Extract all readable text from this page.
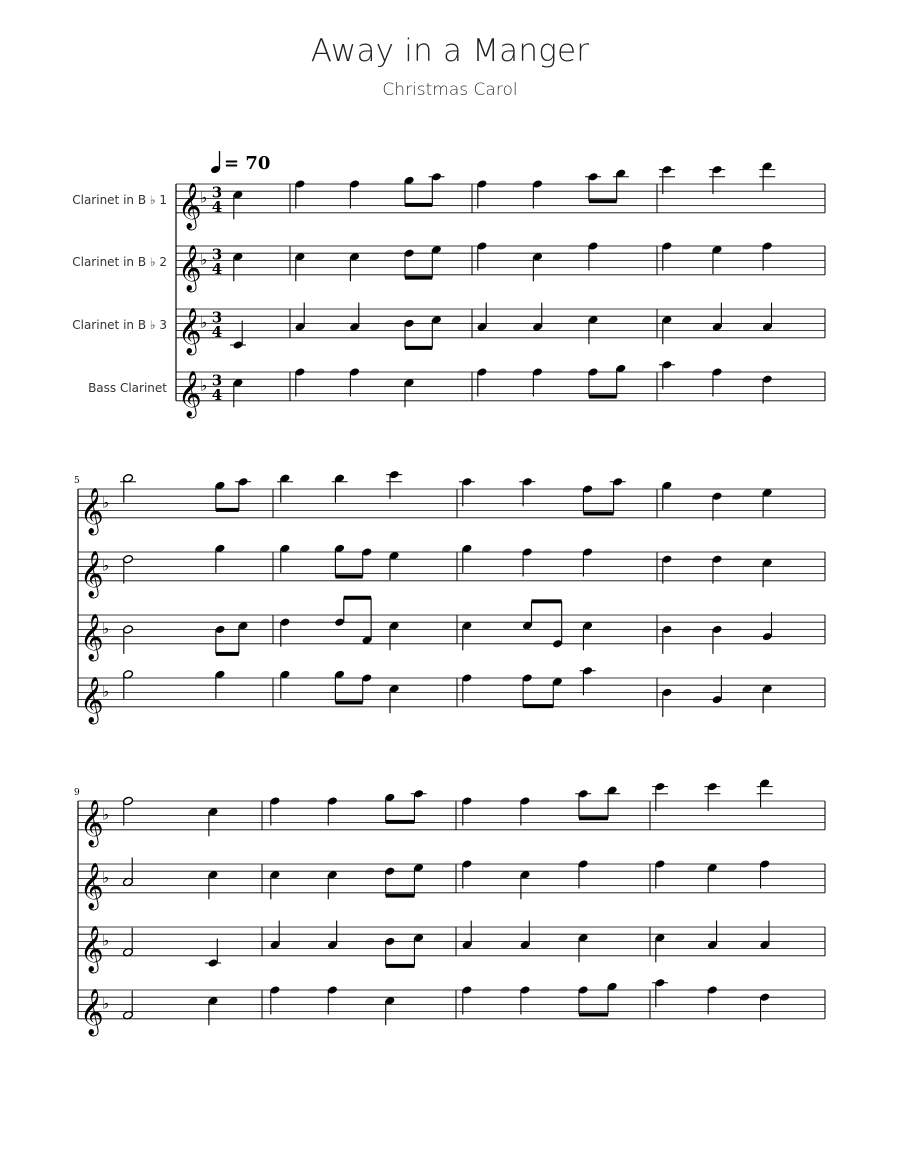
Away in a Manger
Christmas Carol
= 70
Clarinet in B ♭ 1
Clarinet in B ♭ 2
Clarinet in B ♭ 3
Bass Clarinet
5
9
𝄞
♭ 3
4
𝄞
♭ 3
4
𝄞
♭ 3
4
𝄞
♭ 3
4
𝄞
♭
𝄞
♭
𝄞
♭
𝄞
♭
𝄞
♭
𝄞
♭
𝄞
♭
𝄞
♭
